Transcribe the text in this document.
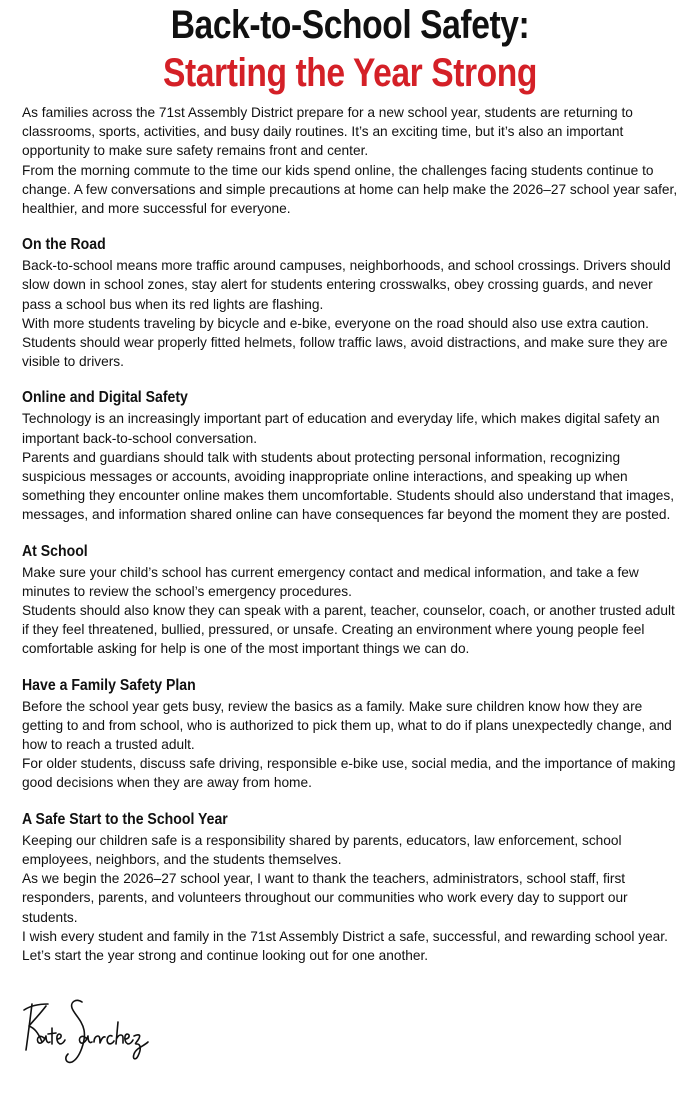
Back-to-School Safety:
Starting the Year Strong

As families across the 71st Assembly District prepare for a new school year, students are returning to classrooms, sports, activities, and busy daily routines. It’s an exciting time, but it’s also an important opportunity to make sure safety remains front and center.

From the morning commute to the time our kids spend online, the challenges facing students continue to change. A few conversations and simple precautions at home can help make the 2026–27 school year safer, healthier, and more successful for everyone.

On the Road

Back-to-school means more traffic around campuses, neighborhoods, and school crossings. Drivers should slow down in school zones, stay alert for students entering crosswalks, obey crossing guards, and never pass a school bus when its red lights are flashing.

With more students traveling by bicycle and e-bike, everyone on the road should also use extra caution. Students should wear properly fitted helmets, follow traffic laws, avoid distractions, and make sure they are visible to drivers.

Online and Digital Safety

Technology is an increasingly important part of education and everyday life, which makes digital safety an important back-to-school conversation.

Parents and guardians should talk with students about protecting personal information, recognizing suspicious messages or accounts, avoiding inappropriate online interactions, and speaking up when something they encounter online makes them uncomfortable. Students should also understand that images, messages, and information shared online can have consequences far beyond the moment they are posted.

At School

Make sure your child’s school has current emergency contact and medical information, and take a few minutes to review the school’s emergency procedures.

Students should also know they can speak with a parent, teacher, counselor, coach, or another trusted adult if they feel threatened, bullied, pressured, or unsafe. Creating an environment where young people feel comfortable asking for help is one of the most important things we can do.

Have a Family Safety Plan

Before the school year gets busy, review the basics as a family. Make sure children know how they are getting to and from school, who is authorized to pick them up, what to do if plans unexpectedly change, and how to reach a trusted adult.

For older students, discuss safe driving, responsible e-bike use, social media, and the importance of making good decisions when they are away from home.

A Safe Start to the School Year

Keeping our children safe is a responsibility shared by parents, educators, law enforcement, school employees, neighbors, and the students themselves.

As we begin the 2026–27 school year, I want to thank the teachers, administrators, school staff, first responders, parents, and volunteers throughout our communities who work every day to support our students.

I wish every student and family in the 71st Assembly District a safe, successful, and rewarding school year. Let’s start the year strong and continue looking out for one another.
